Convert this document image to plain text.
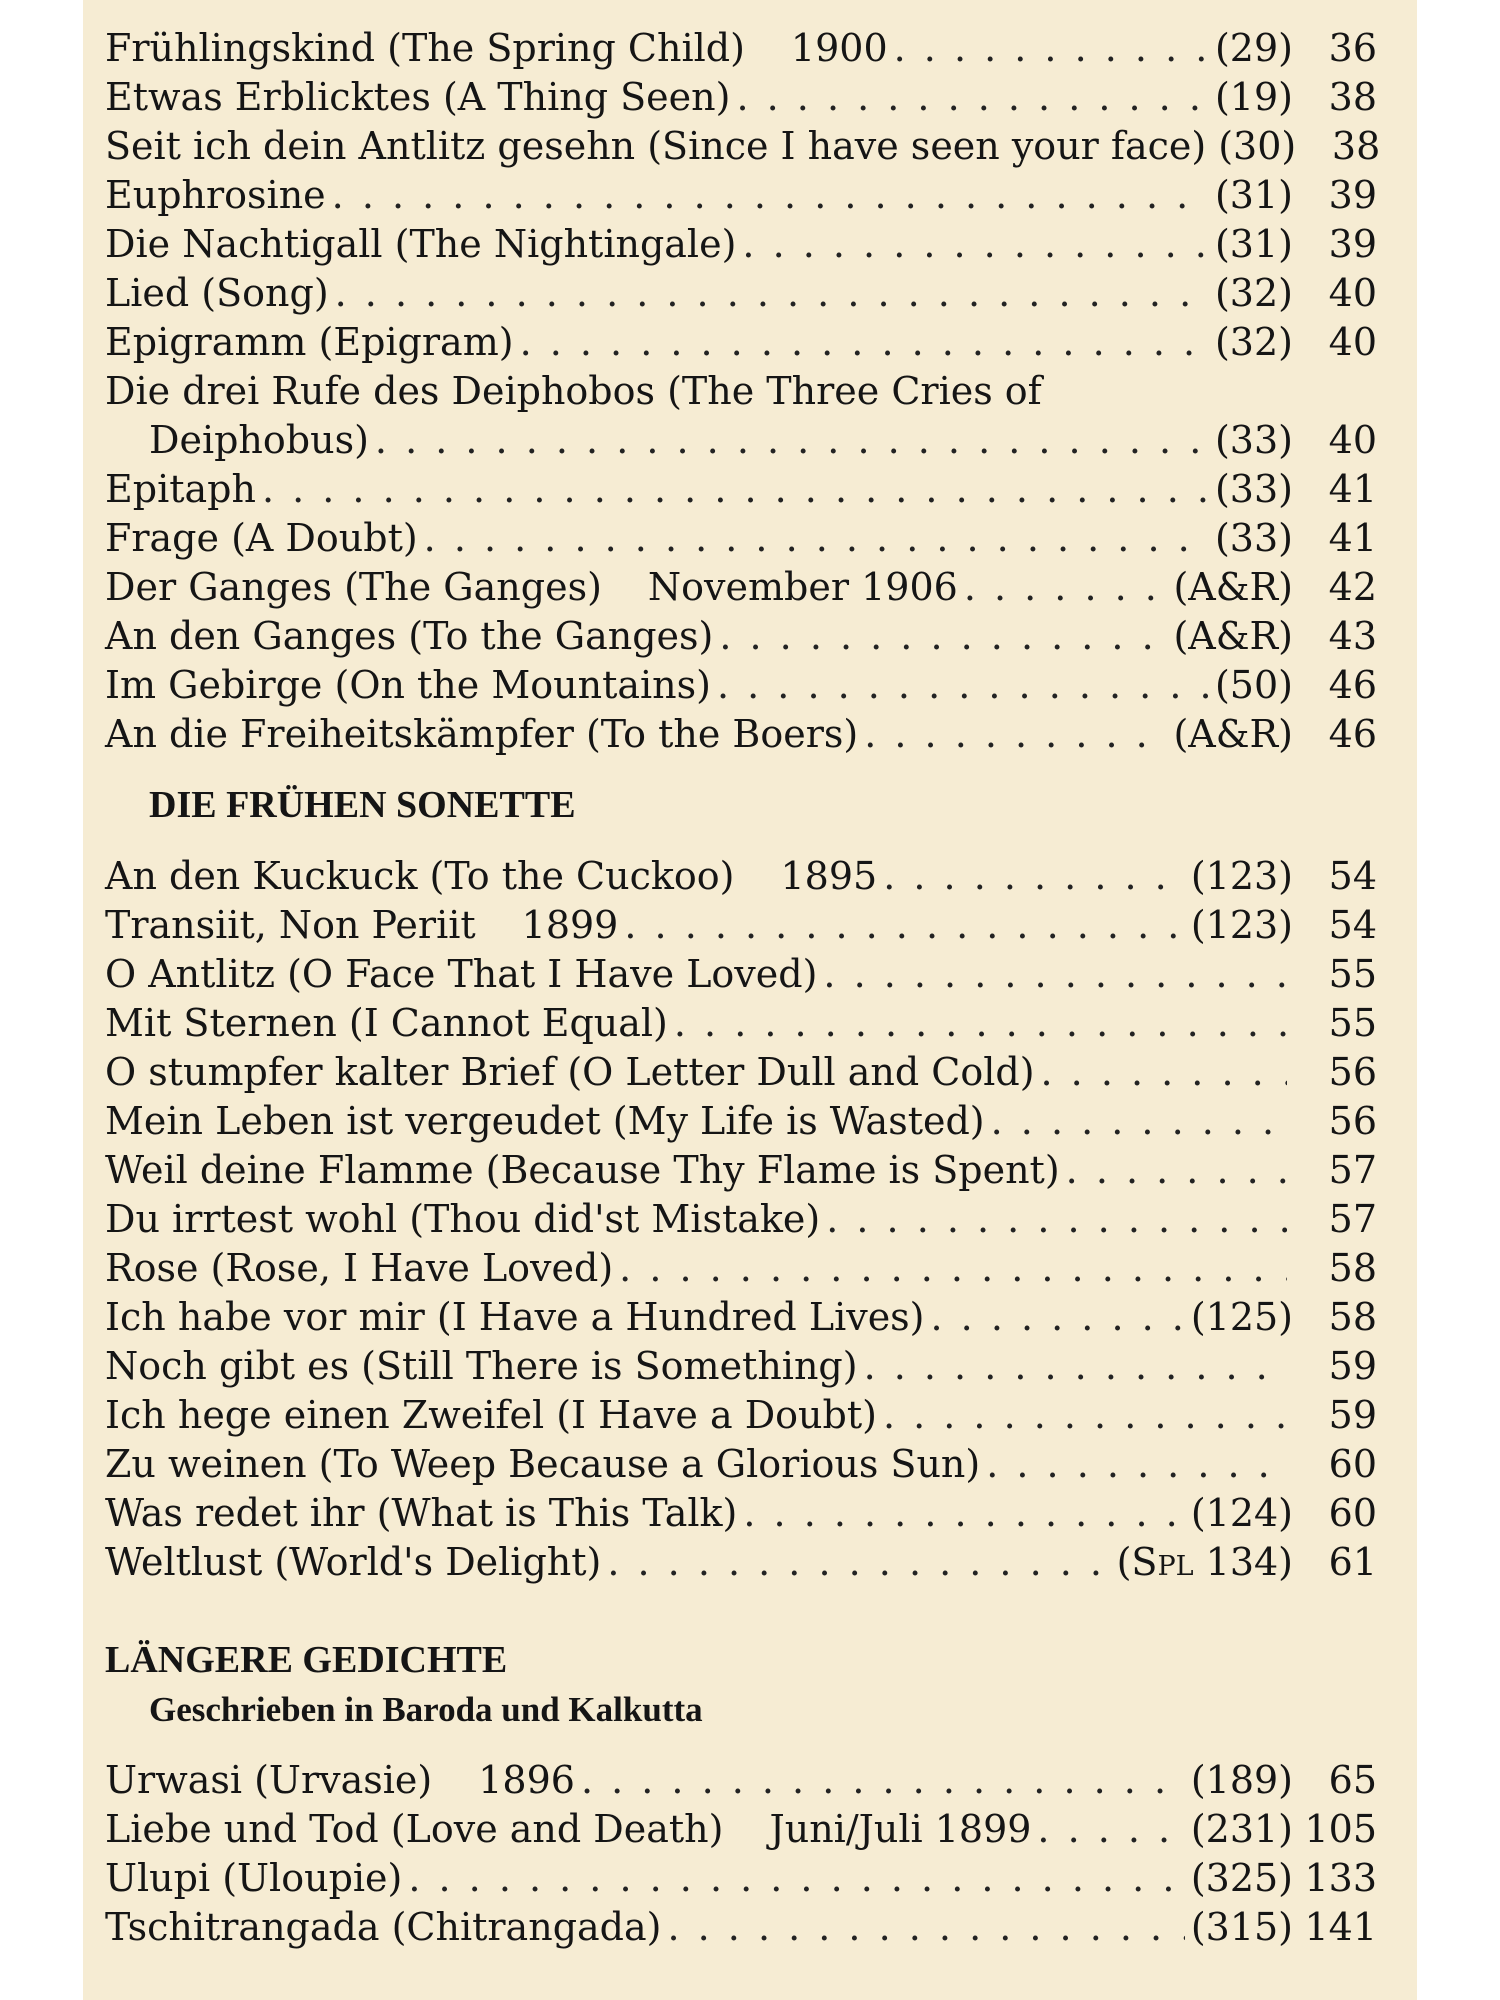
Frühlingskind (The Spring Child) 1900 . . .	(29) 36
Etwas Erblicktes (A Thing Seen) . . .	(19) 38
Seit ich dein Antlitz gesehn (Since I have seen your face) (30) 38
Euphrosine . . .	(31) 39
Die Nachtigall (The Nightingale) . . .	(31) 39
Lied (Song) . . .	(32) 40
Epigramm (Epigram) . . .	(32) 40
Die drei Rufe des Deiphobos (The Three Cries of
Deiphobus) . . .	(33) 40
Epitaph . . .	(33) 41
Frage (A Doubt) . . .	(33) 41
Der Ganges (The Ganges) November 1906 . . .	(A&R) 42
An den Ganges (To the Ganges) . . .	(A&R) 43
Im Gebirge (On the Mountains) . . .	(50) 46
An die Freiheitskämpfer (To the Boers) . . .	(A&R) 46
DIE FRÜHEN SONETTE
An den Kuckuck (To the Cuckoo) 1895 . . .	(123) 54
Transiit, Non Periit 1899 . . .	(123) 54
O Antlitz (O Face That I Have Loved) . . .	55
Mit Sternen (I Cannot Equal) . . .	55
O stumpfer kalter Brief (O Letter Dull and Cold) . . .	56
Mein Leben ist vergeudet (My Life is Wasted) . . .	56
Weil deine Flamme (Because Thy Flame is Spent) . . .	57
Du irrtest wohl (Thou did'st Mistake) . . .	57
Rose (Rose, I Have Loved) . . .	58
Ich habe vor mir (I Have a Hundred Lives) . . .	(125) 58
Noch gibt es (Still There is Something) . . .	59
Ich hege einen Zweifel (I Have a Doubt) . . .	59
Zu weinen (To Weep Because a Glorious Sun) . . .	60
Was redet ihr (What is This Talk) . . .	(124) 60
Weltlust (World's Delight) . . .	(Spl 134) 61
LÄNGERE GEDICHTE
Geschrieben in Baroda und Kalkutta
Urwasi (Urvasie) 1896 . . .	(189) 65
Liebe und Tod (Love and Death) Juni/Juli 1899 . . .	(231) 105
Ulupi (Uloupie) . . .	(325) 133
Tschitrangada (Chitrangada) . . .	(315) 141
